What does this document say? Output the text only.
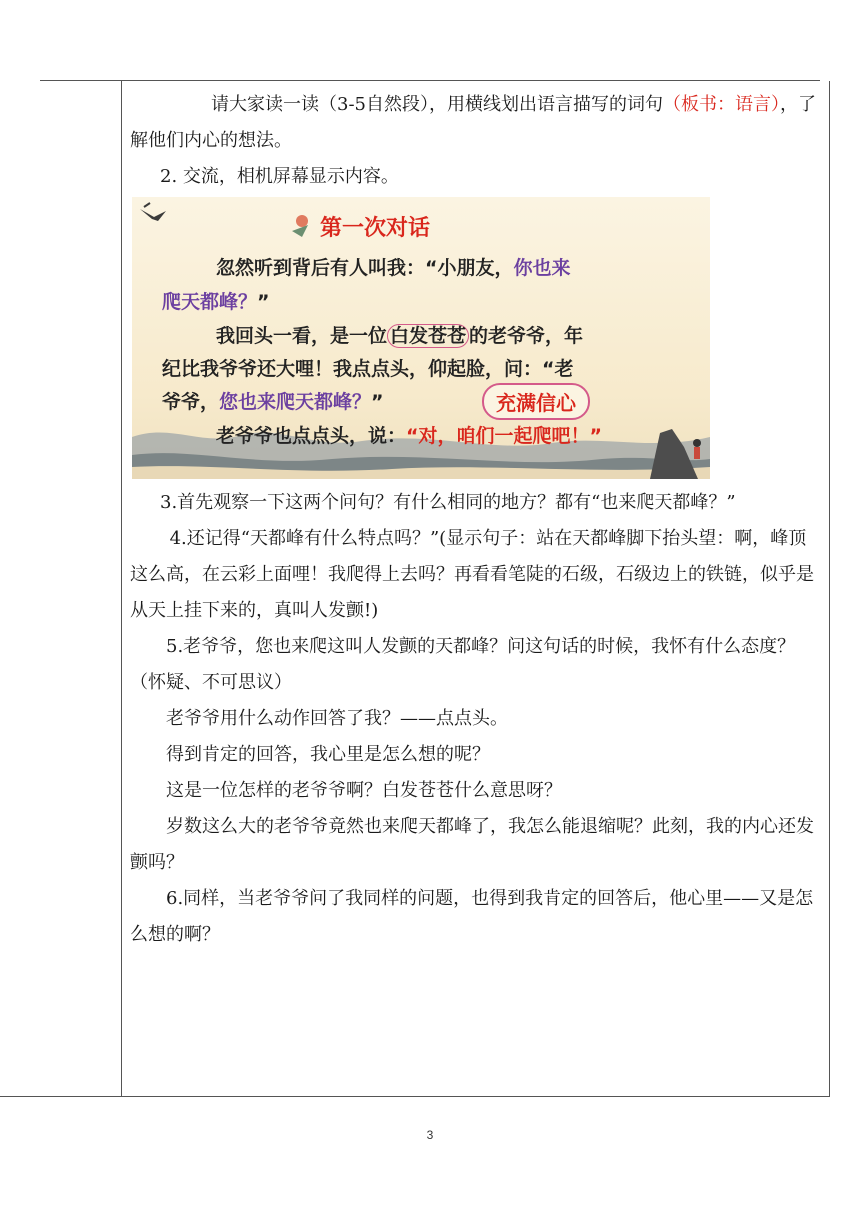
请大家读一读（3-5自然段），用横线划出语言描写的词句（板书：语言），了解他们内心的想法。

2. 交流，相机屏幕显示内容。

第一次对话

忽然听到背后有人叫我：“小朋友，你也来

爬天都峰？”

我回头一看，是一位 白发苍苍 的老爷爷，年

纪比我爷爷还大哩！我点点头，仰起脸，问：“老

爷爷，您也来爬天都峰？”	充满信心

老爷爷也点点头，说：“对，咱们一起爬吧！”

3.首先观察一下这两个问句？有什么相同的地方？都有“也来爬天都峰？”

4.还记得“天都峰有什么特点吗？”(显示句子：站在天都峰脚下抬头望：啊，峰顶这么高，在云彩上面哩！我爬得上去吗？再看看笔陡的石级，石级边上的铁链，似乎是从天上挂下来的，真叫人发颤!)

5.老爷爷，您也来爬这叫人发颤的天都峰？问这句话的时候，我怀有什么态度？（怀疑、不可思议）

老爷爷用什么动作回答了我？——点点头。

得到肯定的回答，我心里是怎么想的呢？

这是一位怎样的老爷爷啊？白发苍苍什么意思呀？

岁数这么大的老爷爷竟然也来爬天都峰了，我怎么能退缩呢？此刻，我的内心还发颤吗？

6.同样，当老爷爷问了我同样的问题，也得到我肯定的回答后，他心里——又是怎么想的啊？

3
